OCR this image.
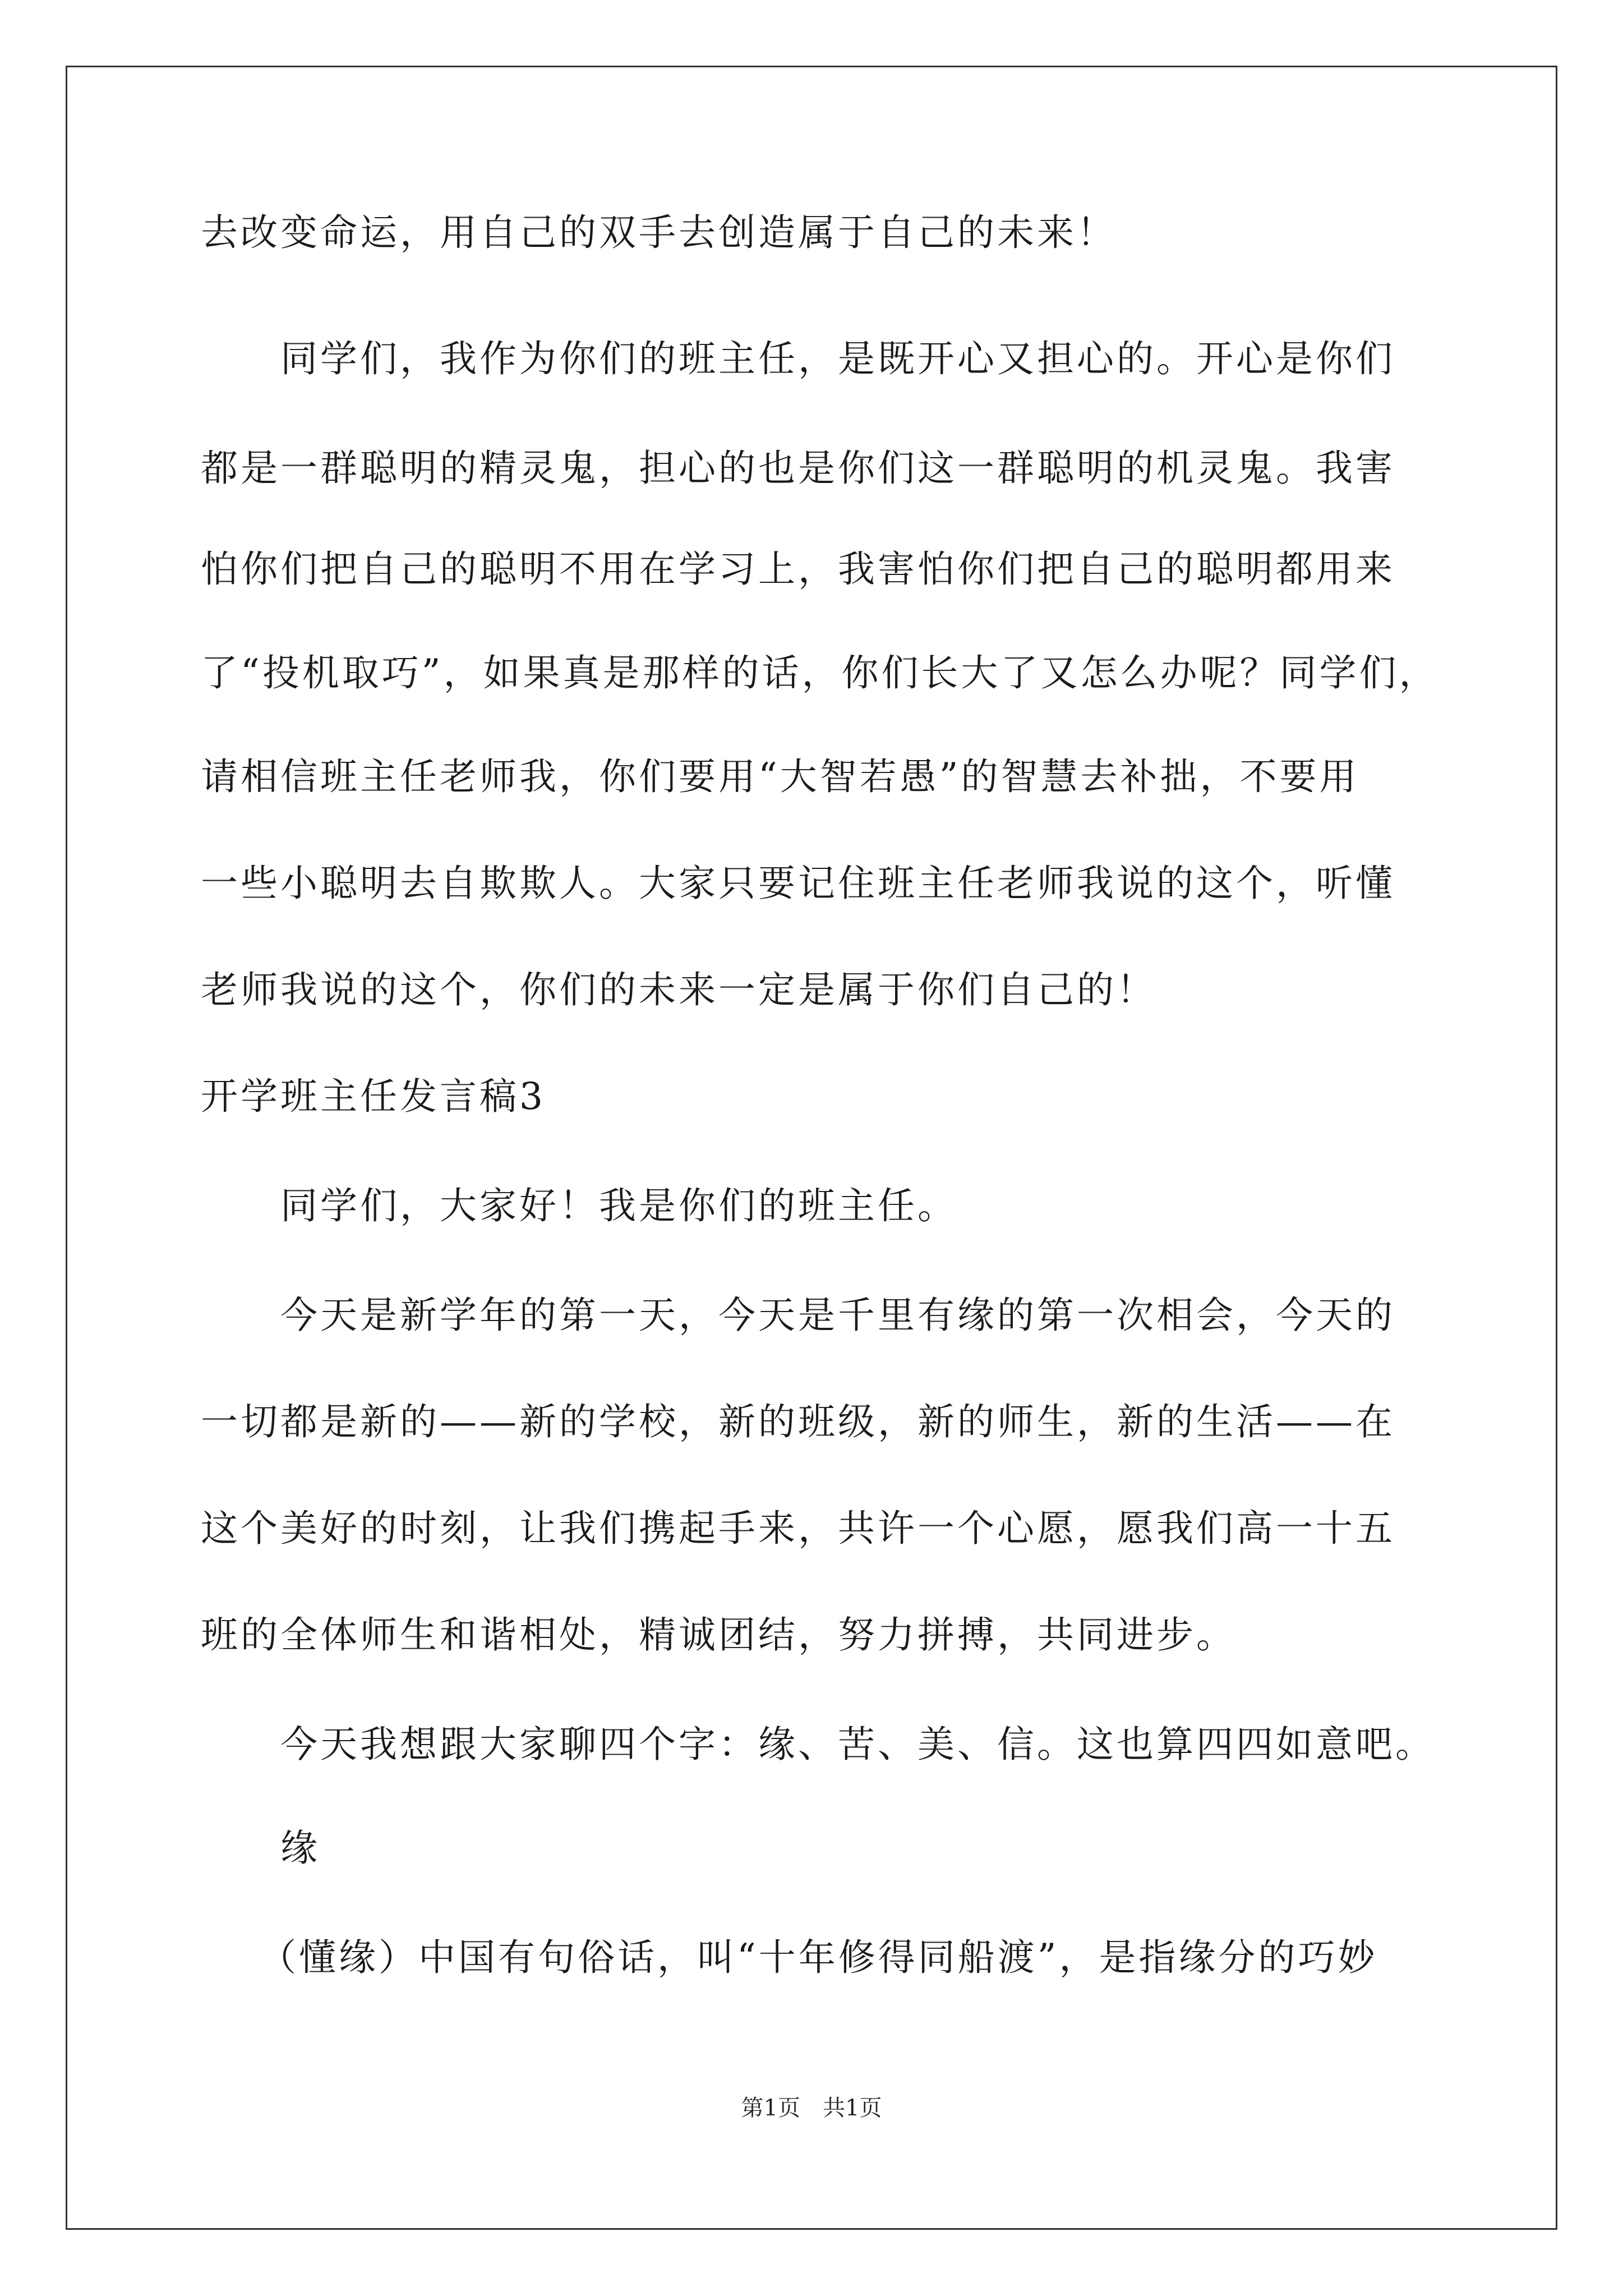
去改变命运，用自己的双手去创造属于自己的未来！
同学们，我作为你们的班主任，是既开心又担心的。开心是你们
都是一群聪明的精灵鬼，担心的也是你们这一群聪明的机灵鬼。我害
怕你们把自己的聪明不用在学习上，我害怕你们把自己的聪明都用来
了“投机取巧”，如果真是那样的话，你们长大了又怎么办呢？同学们，
请相信班主任老师我，你们要用“大智若愚”的智慧去补拙，不要用
一些小聪明去自欺欺人。大家只要记住班主任老师我说的这个，听懂
老师我说的这个，你们的未来一定是属于你们自己的！
开学班主任发言稿3
同学们，大家好！我是你们的班主任。
今天是新学年的第一天，今天是千里有缘的第一次相会，今天的
一切都是新的——新的学校，新的班级，新的师生，新的生活——在
这个美好的时刻，让我们携起手来，共许一个心愿，愿我们高一十五
班的全体师生和谐相处，精诚团结，努力拼搏，共同进步。
今天我想跟大家聊四个字：缘、苦、美、信。这也算四四如意吧。
缘
（懂缘）中国有句俗话，叫“十年修得同船渡”，是指缘分的巧妙
第1页　共1页
